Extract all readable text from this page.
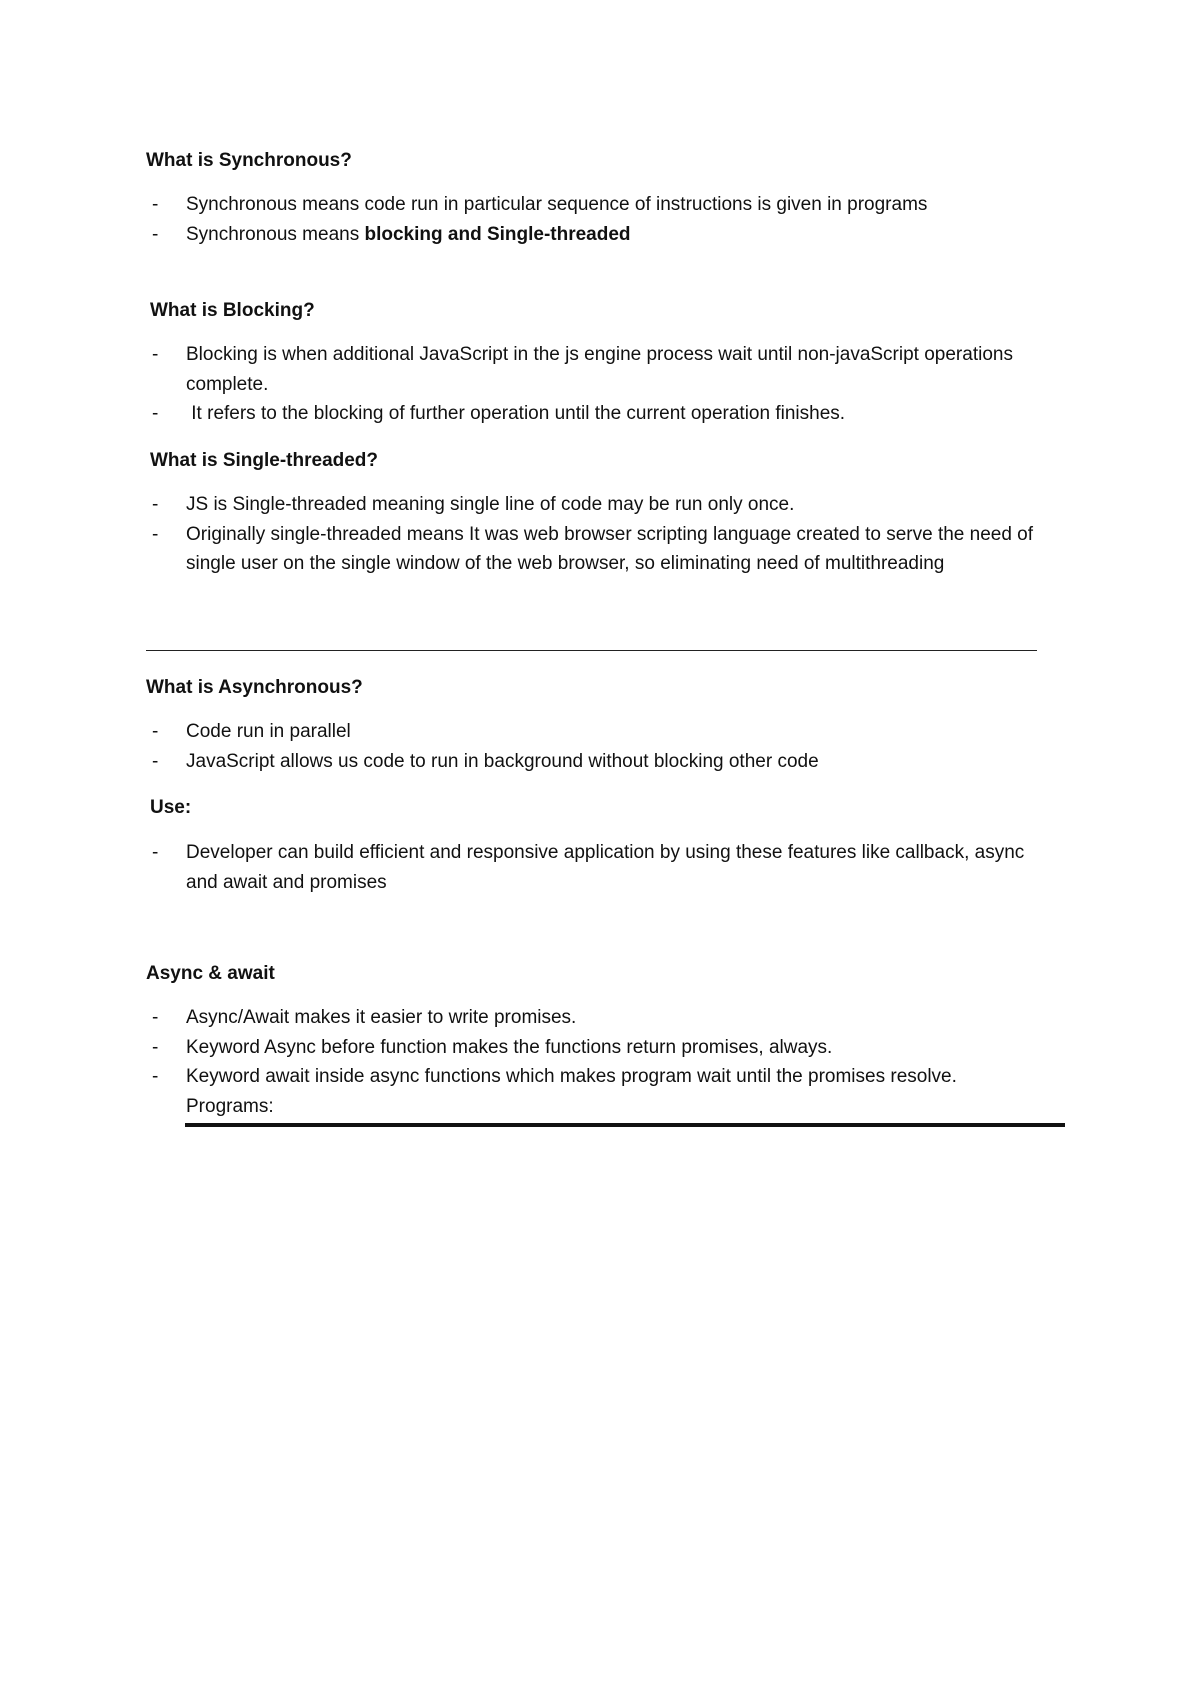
What is Synchronous?
- Synchronous means code run in particular sequence of instructions is given in programs
- Synchronous means blocking and Single-threaded
What is Blocking?
- Blocking is when additional JavaScript in the js engine process wait until non-javaScript operations complete.
- It refers to the blocking of further operation until the current operation finishes.
What is Single-threaded?
- JS is Single-threaded meaning single line of code may be run only once.
- Originally single-threaded means It was web browser scripting language created to serve the need of single user on the single window of the web browser, so eliminating need of multithreading
What is Asynchronous?
- Code run in parallel
- JavaScript allows us code to run in background without blocking other code
Use:
- Developer can build efficient and responsive application by using these features like callback, async and await and promises
Async & await
- Async/Await makes it easier to write promises.
- Keyword Async before function makes the functions return promises, always.
- Keyword await inside async functions which makes program wait until the promises resolve.
Programs:
